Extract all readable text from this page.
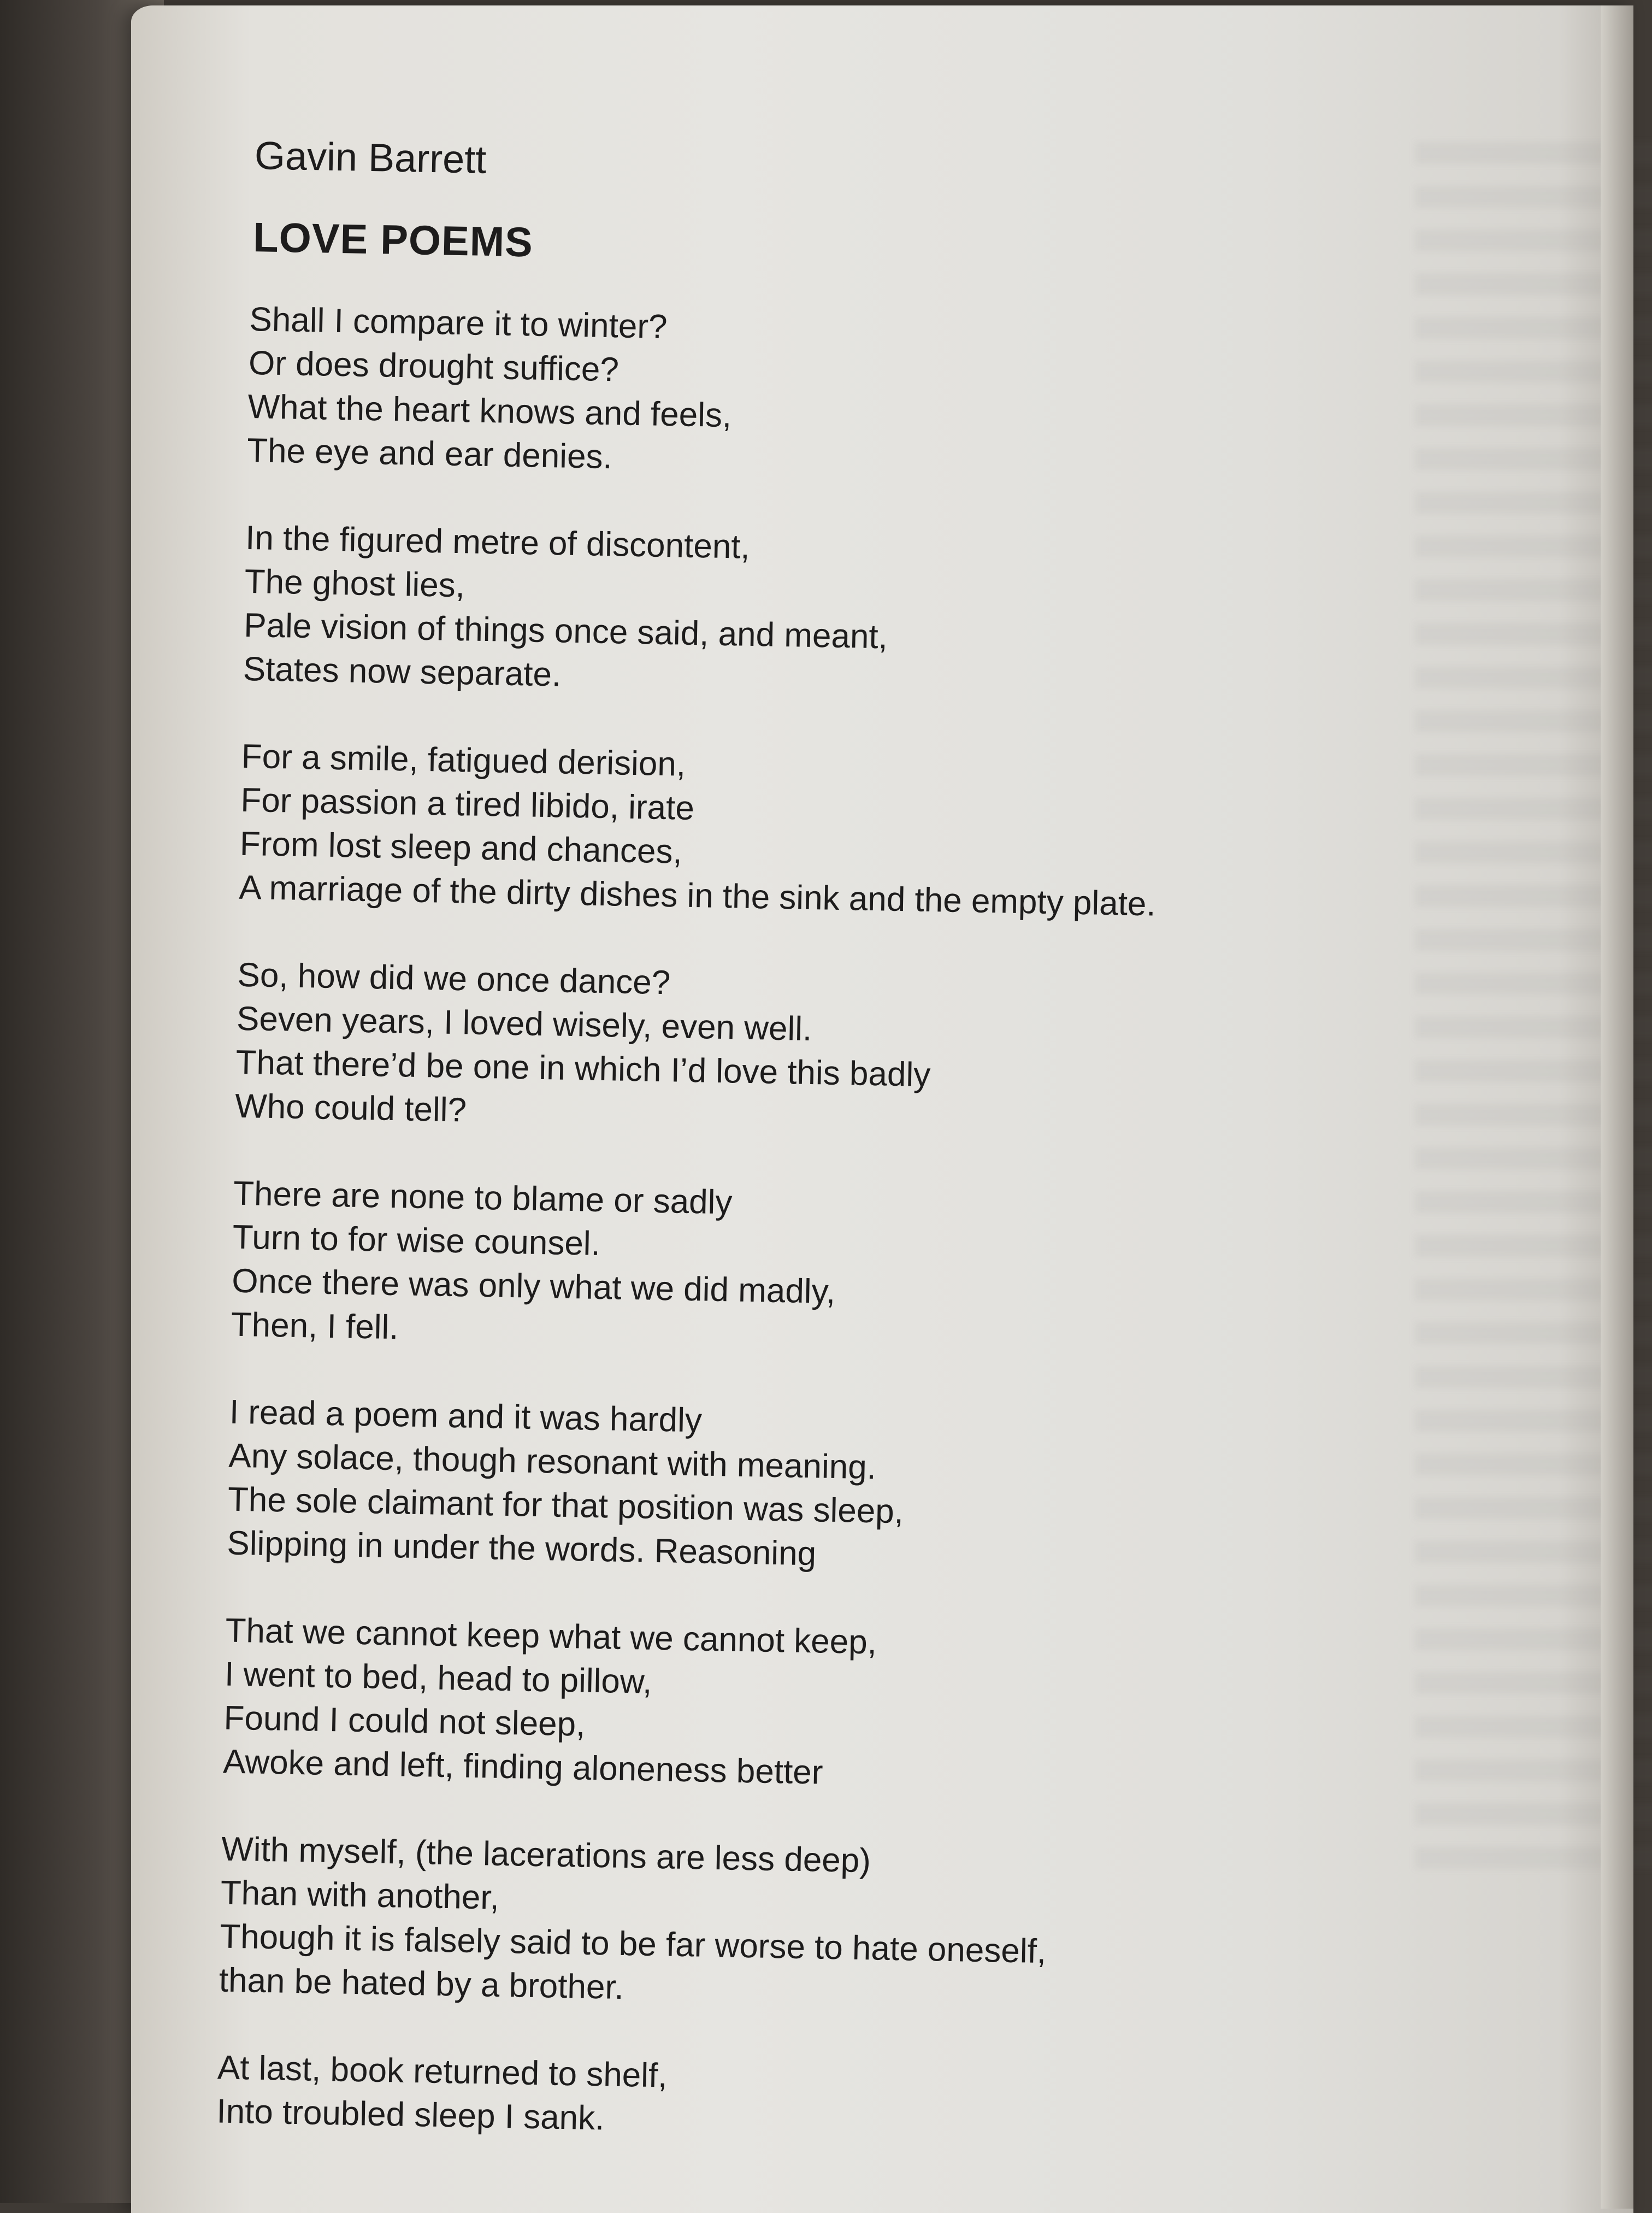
Gavin Barrett
LOVE POEMS
Shall I compare it to winter?
Or does drought suffice?
What the heart knows and feels,
The eye and ear denies.
In the figured metre of discontent,
The ghost lies,
Pale vision of things once said, and meant,
States now separate.
For a smile, fatigued derision,
For passion a tired libido, irate
From lost sleep and chances,
A marriage of the dirty dishes in the sink and the empty plate.
So, how did we once dance?
Seven years, I loved wisely, even well.
That there’d be one in which I’d love this badly
Who could tell?
There are none to blame or sadly
Turn to for wise counsel.
Once there was only what we did madly,
Then, I fell.
I read a poem and it was hardly
Any solace, though resonant with meaning.
The sole claimant for that position was sleep,
Slipping in under the words. Reasoning
That we cannot keep what we cannot keep,
I went to bed, head to pillow,
Found I could not sleep,
Awoke and left, finding aloneness better
With myself, (the lacerations are less deep)
Than with another,
Though it is falsely said to be far worse to hate oneself,
than be hated by a brother.
At last, book returned to shelf,
Into troubled sleep I sank.
